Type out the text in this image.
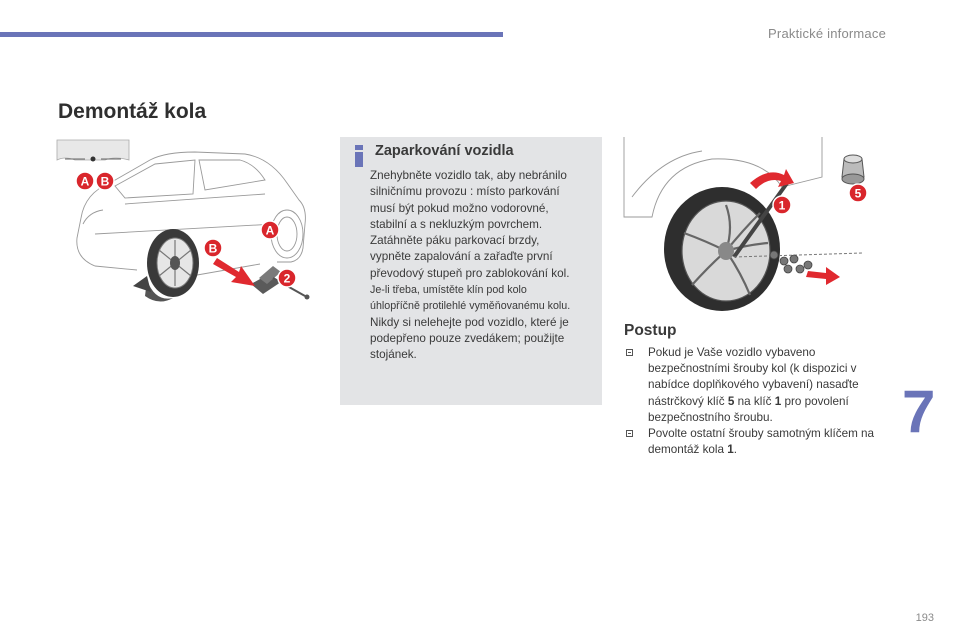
Praktické informace
Demontáž kola
A B
A
B
2
Zaparkování vozidla
Znehybněte vozidlo tak, aby nebránilo
silničnímu provozu : místo parkování
musí být pokud možno vodorovné,
stabilní a s nekluzkým povrchem.
Zatáhněte páku parkovací brzdy,
vypněte zapalování a zařaďte první
převodový stupeň pro zablokování kol.
Je-li třeba, umístěte klín pod kolo
úhlopříčně protilehlé vyměňovanému kolu.
Nikdy si nelehejte pod vozidlo, které je
podepřeno pouze zvedákem; použijte
stojánek.
1
5
Postup
Pokud je Vaše vozidlo vybaveno bezpečnostními šrouby kol (k dispozici v nabídce doplňkového vybavení) nasaďte nástrčkový klíč 5 na klíč 1 pro povolení bezpečnostního šroubu.
Povolte ostatní šrouby samotným klíčem na demontáž kola 1.
7
193
